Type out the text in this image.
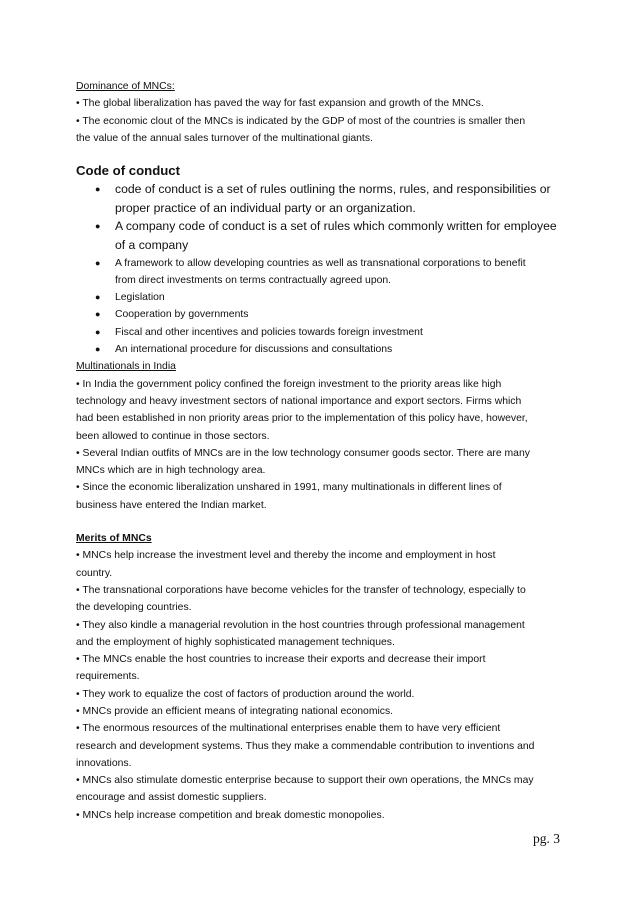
Dominance of MNCs:
• The global liberalization has paved the way for fast expansion and growth of the MNCs.
• The economic clout of the MNCs is indicated by the GDP of most of the countries is smaller then
the value of the annual sales turnover of the multinational giants.
Code of conduct
● code of conduct is a set of rules outlining the norms, rules, and responsibilities or
proper practice of an individual party or an organization.
● A company code of conduct is a set of rules which commonly written for employee
of a company
● A framework to allow developing countries as well as transnational corporations to benefit
from direct investments on terms contractually agreed upon.
● Legislation
● Cooperation by governments
● Fiscal and other incentives and policies towards foreign investment
● An international procedure for discussions and consultations
Multinationals in India
• In India the government policy confined the foreign investment to the priority areas like high
technology and heavy investment sectors of national importance and export sectors. Firms which
had been established in non priority areas prior to the implementation of this policy have, however,
been allowed to continue in those sectors.
• Several Indian outfits of MNCs are in the low technology consumer goods sector. There are many
MNCs which are in high technology area.
• Since the economic liberalization unshared in 1991, many multinationals in different lines of
business have entered the Indian market.
Merits of MNCs
• MNCs help increase the investment level and thereby the income and employment in host
country.
• The transnational corporations have become vehicles for the transfer of technology, especially to
the developing countries.
• They also kindle a managerial revolution in the host countries through professional management
and the employment of highly sophisticated management techniques.
• The MNCs enable the host countries to increase their exports and decrease their import
requirements.
• They work to equalize the cost of factors of production around the world.
• MNCs provide an efficient means of integrating national economics.
• The enormous resources of the multinational enterprises enable them to have very efficient
research and development systems. Thus they make a commendable contribution to inventions and
innovations.
• MNCs also stimulate domestic enterprise because to support their own operations, the MNCs may
encourage and assist domestic suppliers.
• MNCs help increase competition and break domestic monopolies.
pg. 3
